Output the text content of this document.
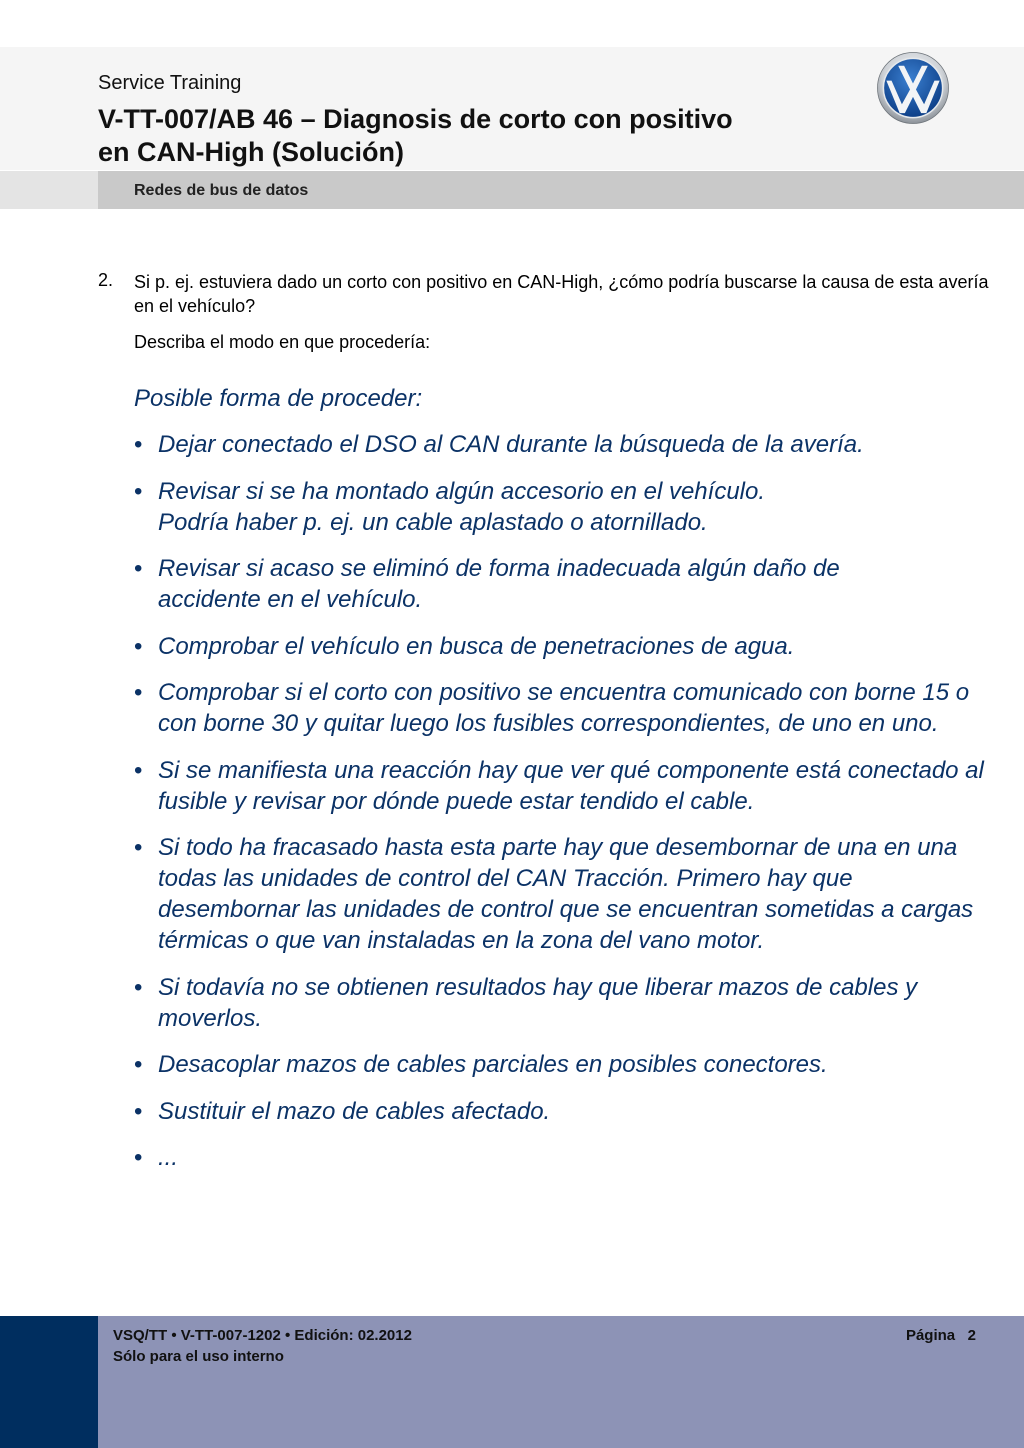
Service Training
V-TT-007/AB 46 – Diagnosis de corto con positivo
en CAN-High (Solución)
Redes de bus de datos
2. Si p. ej. estuviera dado un corto con positivo en CAN-High, ¿cómo podría buscarse la causa de esta avería en el vehículo?
Describa el modo en que procedería:
Posible forma de proceder:
• Dejar conectado el DSO al CAN durante la búsqueda de la avería.
• Revisar si se ha montado algún accesorio en el vehículo. Podría haber p. ej. un cable aplastado o atornillado.
• Revisar si acaso se eliminó de forma inadecuada algún daño de accidente en el vehículo.
• Comprobar el vehículo en busca de penetraciones de agua.
• Comprobar si el corto con positivo se encuentra comunicado con borne 15 o con borne 30 y quitar luego los fusibles correspondientes, de uno en uno.
• Si se manifiesta una reacción hay que ver qué componente está conectado al fusible y revisar por dónde puede estar tendido el cable.
• Si todo ha fracasado hasta esta parte hay que desembornar de una en una todas las unidades de control del CAN Tracción. Primero hay que desembornar las unidades de control que se encuentran sometidas a cargas térmicas o que van instaladas en la zona del vano motor.
• Si todavía no se obtienen resultados hay que liberar mazos de cables y moverlos.
• Desacoplar mazos de cables parciales en posibles conectores.
• Sustituir el mazo de cables afectado.
• ...
VSQ/TT • V-TT-007-1202 • Edición: 02.2012
Sólo para el uso interno
Página 2
